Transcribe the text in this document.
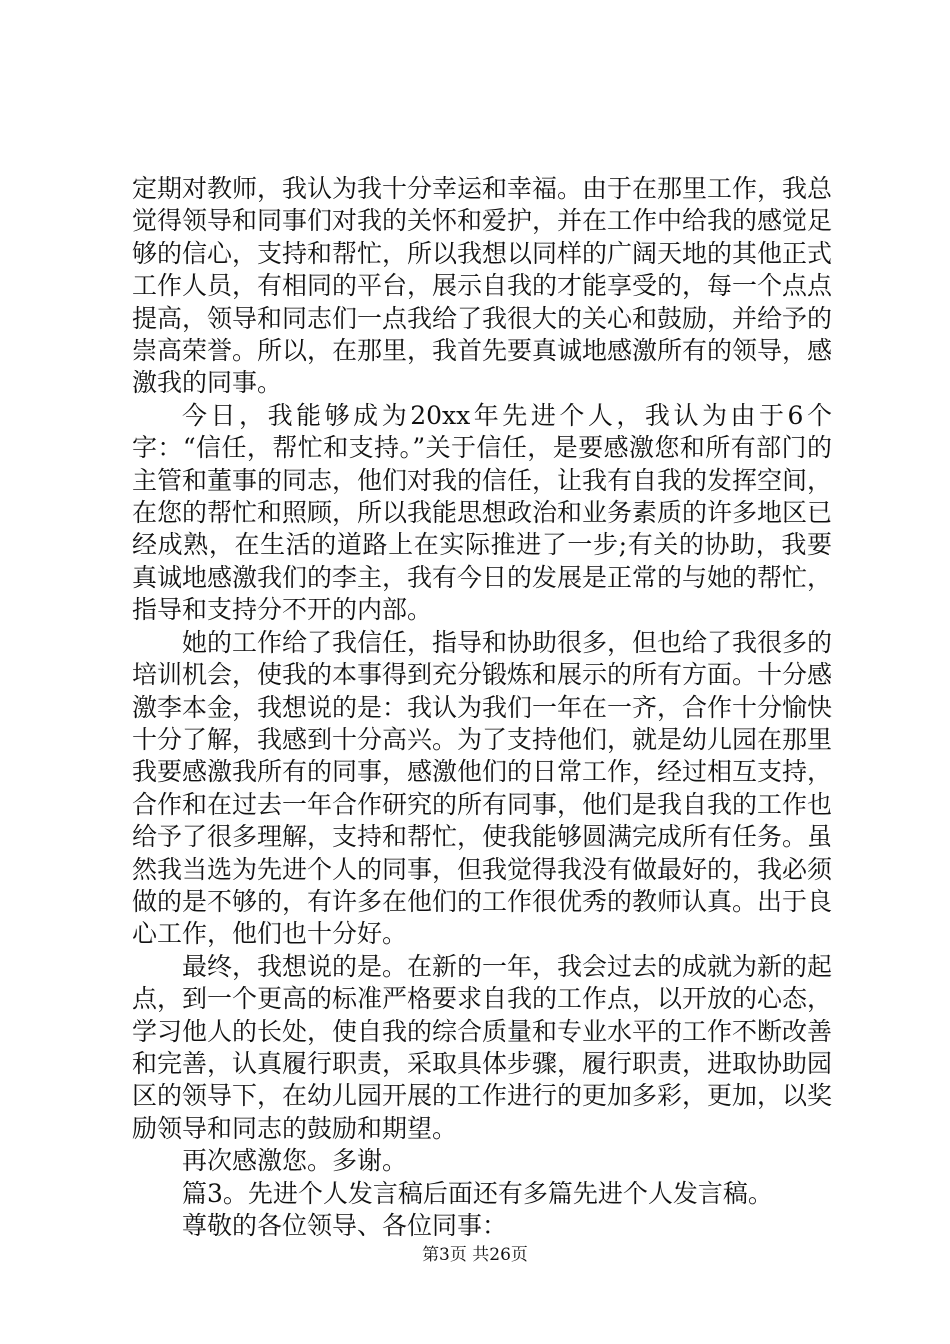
定期对教师，我认为我十分幸运和幸福。由于在那里工作，我总觉得领导和同事们对我的关怀和爱护，并在工作中给我的感觉足够的信心，支持和帮忙，所以我想以同样的广阔天地的其他正式工作人员，有相同的平台，展示自我的才能享受的，每一个点点提高，领导和同志们一点我给了我很大的关心和鼓励，并给予的崇高荣誉。所以，在那里，我首先要真诚地感激所有的领导，感激我的同事。

今日，我能够成为20xx年先进个人，我认为由于6个字：“信任，帮忙和支持。”关于信任，是要感激您和所有部门的主管和董事的同志，他们对我的信任，让我有自我的发挥空间，在您的帮忙和照顾，所以我能思想政治和业务素质的许多地区已经成熟，在生活的道路上在实际推进了一步;有关的协助，我要真诚地感激我们的李主，我有今日的发展是正常的与她的帮忙，指导和支持分不开的内部。

她的工作给了我信任，指导和协助很多，但也给了我很多的培训机会，使我的本事得到充分锻炼和展示的所有方面。十分感激李本金，我想说的是：我认为我们一年在一齐，合作十分愉快十分了解，我感到十分高兴。为了支持他们，就是幼儿园在那里我要感激我所有的同事，感激他们的日常工作，经过相互支持，合作和在过去一年合作研究的所有同事，他们是我自我的工作也给予了很多理解，支持和帮忙，使我能够圆满完成所有任务。虽然我当选为先进个人的同事，但我觉得我没有做最好的，我必须做的是不够的，有许多在他们的工作很优秀的教师认真。出于良心工作，他们也十分好。

最终，我想说的是。在新的一年，我会过去的成就为新的起点，到一个更高的标准严格要求自我的工作点，以开放的心态，学习他人的长处，使自我的综合质量和专业水平的工作不断改善和完善，认真履行职责，采取具体步骤，履行职责，进取协助园区的领导下，在幼儿园开展的工作进行的更加多彩，更加，以奖励领导和同志的鼓励和期望。

再次感激您。多谢。

篇3。先进个人发言稿后面还有多篇先进个人发言稿。

尊敬的各位领导、各位同事：

第3页 共26页
